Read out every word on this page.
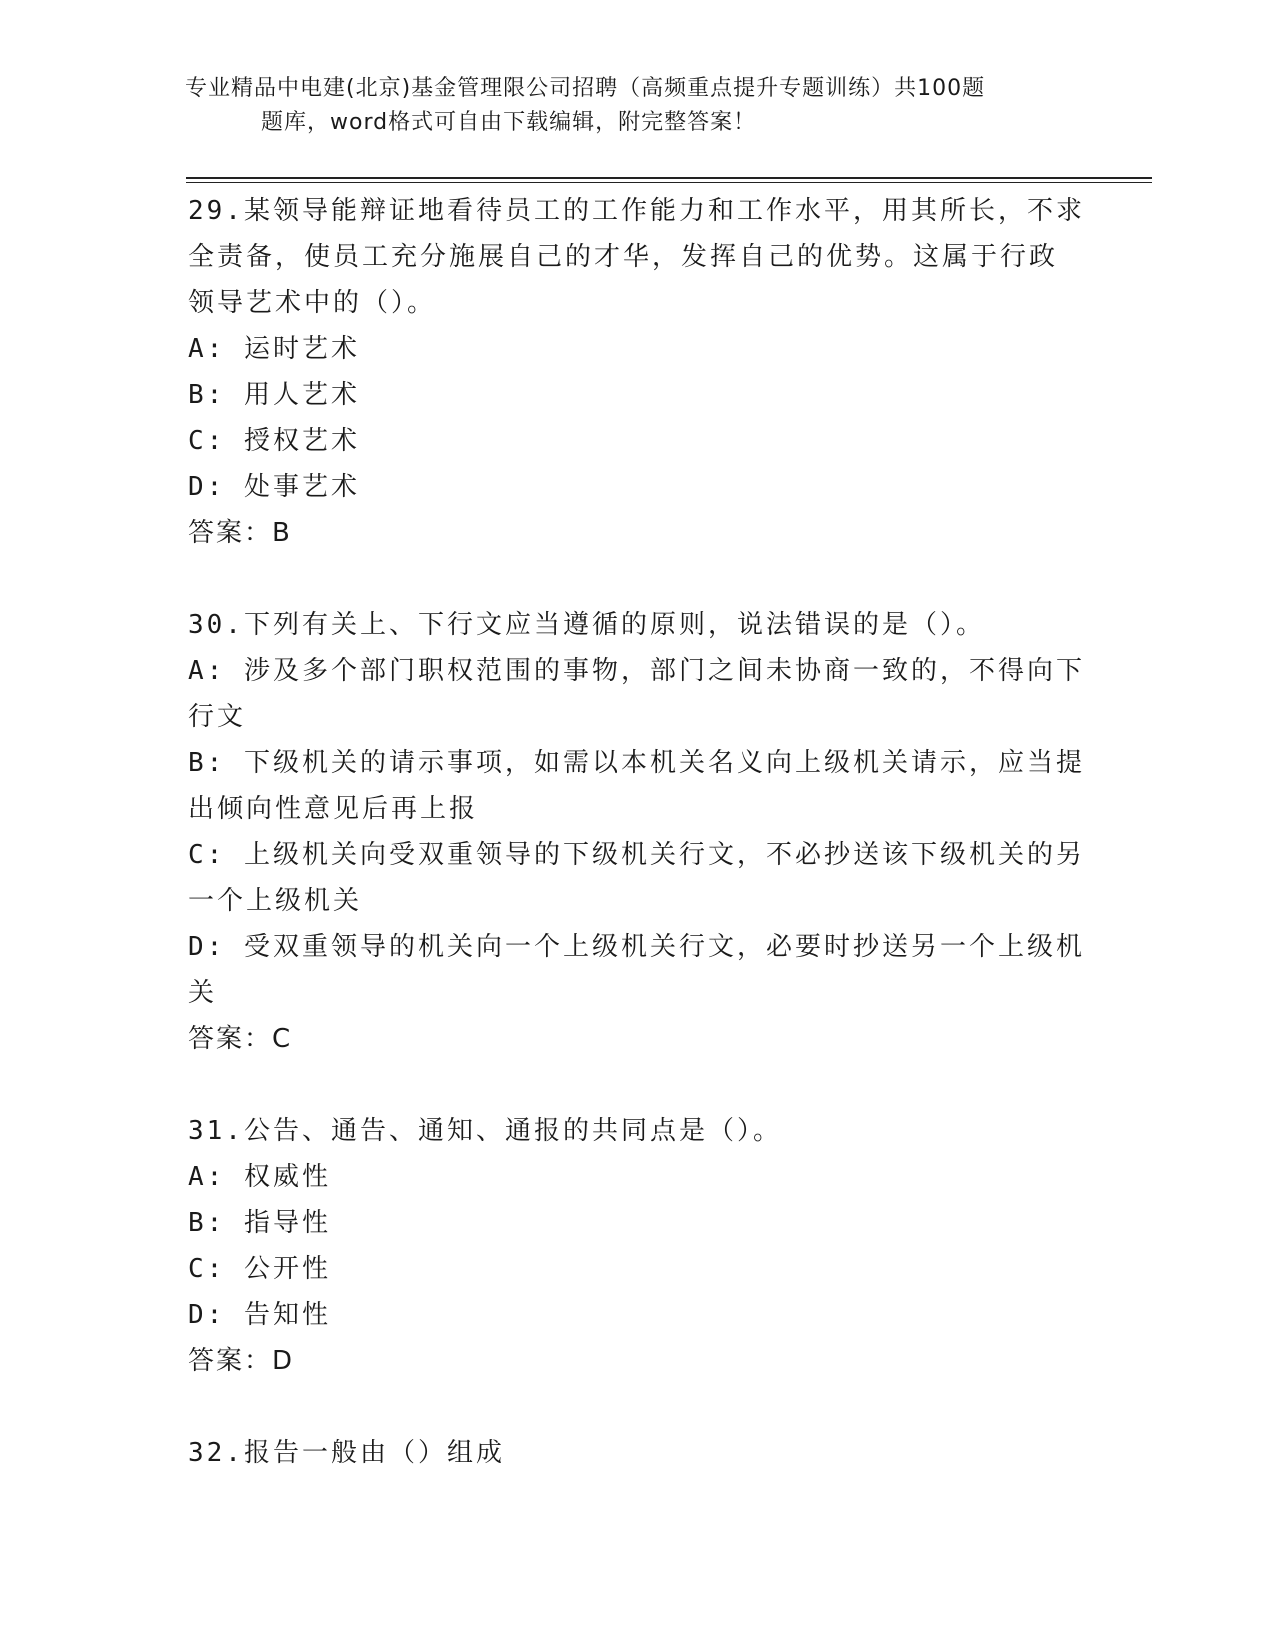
专业精品中电建(北京)基金管理限公司招聘（高频重点提升专题训练）共100题
题库，word格式可自由下载编辑，附完整答案！
29.某领导能辩证地看待员工的工作能力和工作水平，用其所长，不求
全责备，使员工充分施展自己的才华，发挥自己的优势。这属于行政
领导艺术中的（）。
A: 运时艺术
B: 用人艺术
C: 授权艺术
D: 处事艺术
答案：B
30.下列有关上、下行文应当遵循的原则，说法错误的是（）。
A: 涉及多个部门职权范围的事物，部门之间未协商一致的，不得向下
行文
B: 下级机关的请示事项，如需以本机关名义向上级机关请示，应当提
出倾向性意见后再上报
C: 上级机关向受双重领导的下级机关行文，不必抄送该下级机关的另
一个上级机关
D: 受双重领导的机关向一个上级机关行文，必要时抄送另一个上级机
关
答案：C
31.公告、通告、通知、通报的共同点是（）。
A: 权威性
B: 指导性
C: 公开性
D: 告知性
答案：D
32.报告一般由（）组成
